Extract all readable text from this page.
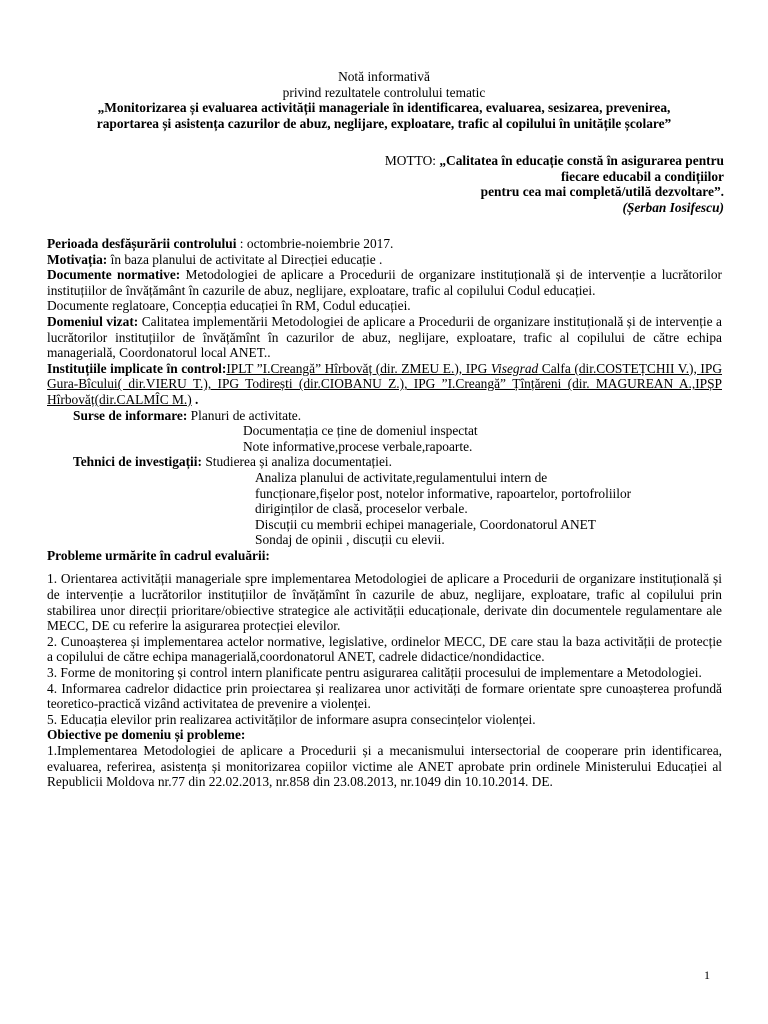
Notă informativă
privind rezultatele controlului tematic
„Monitorizarea și evaluarea activității manageriale în identificarea, evaluarea, sesizarea, prevenirea,
raportarea și asistența cazurilor de abuz, neglijare, exploatare, trafic al copilului în unitățile școlare”
MOTTO: „Calitatea în educație constă în asigurarea pentru
fiecare educabil a condițiilor
pentru cea mai completă/utilă dezvoltare”.
(Șerban Iosifescu)

Perioada desfășurării controlului : octombrie-noiembrie 2017.

Motivația: în baza planului de activitate al Direcției educație .

Documente normative: Metodologiei de aplicare a Procedurii de organizare instituțională și de intervenție a lucrătorilor instituțiilor de învățământ în cazurile de abuz, neglijare, exploatare, trafic al copilului Codul educației.

Documente reglatoare, Concepția educației în RM, Codul educației.

Domeniul vizat: Calitatea implementării Metodologiei de aplicare a Procedurii de organizare instituțională și de intervenție a lucrătorilor instituțiilor de învățămînt în cazurilor de abuz, neglijare, exploatare, trafic al copilului de către echipa managerială, Coordonatorul local ANET..

Instituțiile implicate în control:IPLT ”I.Creangă” Hîrbovăț (dir. ZMEU E.), IPG Visegrad Calfa (dir.COSTEȚCHII V.), IPG Gura-Bîcului( dir.VIERU T.), IPG Todirești (dir.CIOBANU Z.), IPG ”I.Creangă” Țînțăreni (dir. MAGUREAN A.,IPȘP Hîrbovăț(dir.CALMÎC M.) .

Surse de informare: Planuri de activitate.
Documentația ce ține de domeniul inspectat
Note informative,procese verbale,rapoarte.
Tehnici de investigații: Studierea și analiza documentației.
Analiza planului de activitate,regulamentului intern de funcționare,fișelor post, notelor informative, rapoartelor, portofroliilor diriginților de clasă, proceselor verbale.
Discuții cu membrii echipei manageriale, Coordonatorul ANET
Sondaj de opinii , discuții cu elevii.

Probleme urmărite în cadrul evaluării:

1. Orientarea activității manageriale spre implementarea Metodologiei de aplicare a Procedurii de organizare instituțională și de intervenție a lucrătorilor instituțiilor de învățămînt în cazurile de abuz, neglijare, exploatare, trafic al copilului prin stabilirea unor direcții prioritare/obiective strategice ale activității educaționale, derivate din documentele regulamentare ale MECC, DE cu referire la asigurarea protecției elevilor.

2. Cunoașterea și implementarea actelor normative, legislative, ordinelor MECC, DE care stau la baza activității de protecție a copilului de către echipa managerială,coordonatorul ANET, cadrele didactice/nondidactice.

3. Forme de monitoring și control intern planificate pentru asigurarea calității procesului de implementare a Metodologiei.

4. Informarea cadrelor didactice prin proiectarea și realizarea unor activități de formare orientate spre cunoașterea profundă teoretico-practică vizând activitatea de prevenire a violenței.

5. Educația elevilor prin realizarea activităților de informare asupra consecințelor violenței.

Obiective pe domeniu și probleme:

1.Implementarea Metodologiei de aplicare a Procedurii și a mecanismului intersectorial de cooperare prin identificarea, evaluarea, referirea, asistența și monitorizarea copiilor victime ale ANET aprobate prin ordinele Ministerului Educației al Republicii Moldova nr.77 din 22.02.2013, nr.858 din 23.08.2013, nr.1049 din 10.10.2014. DE.

1
